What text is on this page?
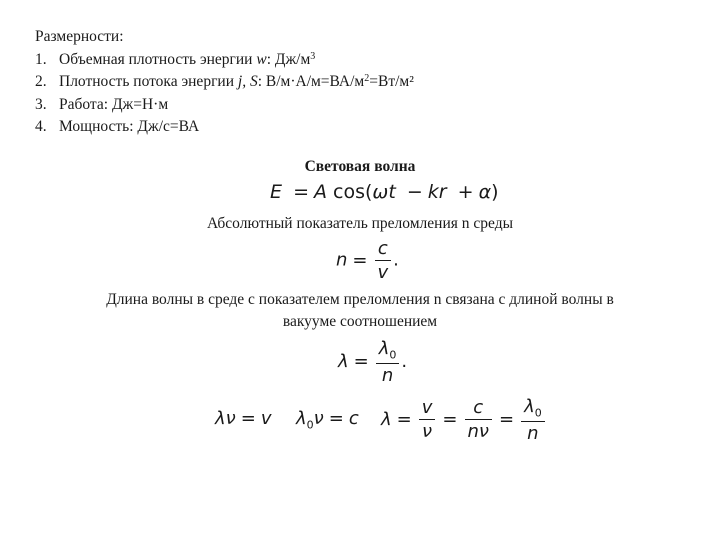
Размерности:
1. Объемная плотность энергии w: $Дж/м^3$
2. Плотность потока энергии j, S: $В/м\cdot А/м=ВА/м^2=Вт/м^2$
3. Работа: Дж=Н·м
4. Мощность: Дж/с=ВА
Световая волна
E = A cos(ωt − kr + α)
Абсолютный показатель преломления n среды
$n = \frac{c}{v}$ .
Длина волны в среде с показателем преломления n связана с длиной волны в
вакууме соотношением
$\lambda = \frac{\lambda_0}{n}$ .
λν = v $\lambda_0\nu = c$ $\lambda = \frac{v}{\nu} = \frac{c}{n\nu} = \frac{\lambda_0}{n}$
